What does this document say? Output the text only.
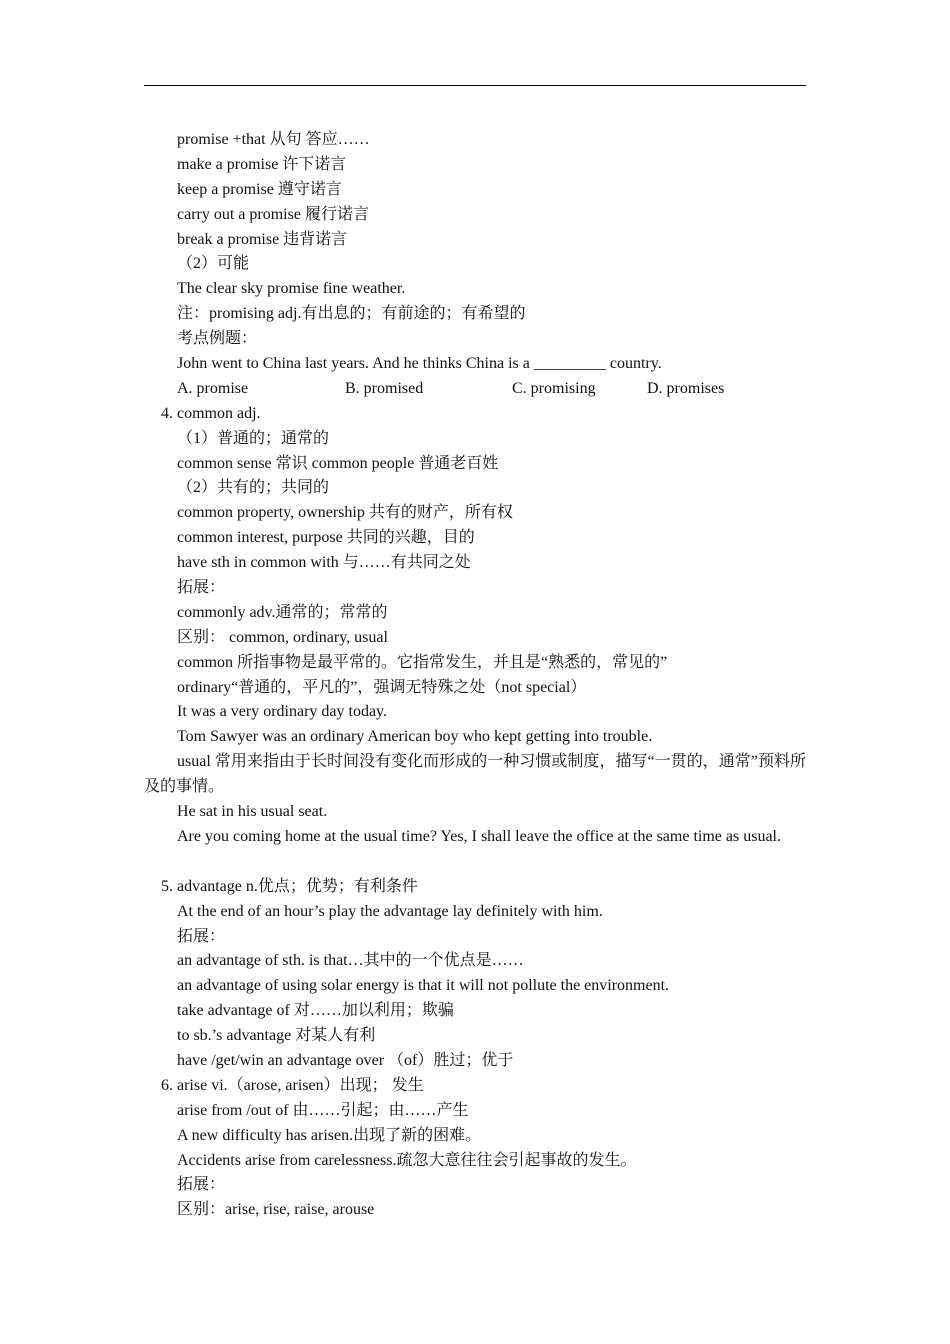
promise +that 从句 答应……
make a promise 许下诺言
keep a promise 遵守诺言
carry out a promise 履行诺言
break a promise 违背诺言
（2）可能
The clear sky promise fine weather.
注：promising adj.有出息的；有前途的；有希望的
考点例题：
John went to China last years. And he thinks China is a _________ country.
A. promise	B. promised	C. promising	D. promises
4. common adj.
（1）普通的；通常的
common sense 常识 common people 普通老百姓
（2）共有的；共同的
common property, ownership 共有的财产，所有权
common interest, purpose 共同的兴趣，目的
have sth in common with 与……有共同之处
拓展：
commonly adv.通常的；常常的
区别： common, ordinary, usual
common 所指事物是最平常的。它指常发生，并且是“熟悉的，常见的”
ordinary“普通的，平凡的”，强调无特殊之处（not special）
It was a very ordinary day today.
Tom Sawyer was an ordinary American boy who kept getting into trouble.
usual 常用来指由于长时间没有变化而形成的一种习惯或制度，描写“一贯的，通常”预料所及的事情。
He sat in his usual seat.
Are you coming home at the usual time? Yes, I shall leave the office at the same time as usual.
5. advantage n.优点；优势；有利条件
At the end of an hour’s play the advantage lay definitely with him.
拓展：
an advantage of sth. is that…其中的一个优点是……
an advantage of using solar energy is that it will not pollute the environment.
take advantage of 对……加以利用；欺骗
to sb.’s advantage 对某人有利
have /get/win an advantage over （of）胜过；优于
6. arise vi.（arose, arisen）出现； 发生
arise from /out of 由……引起；由……产生
A new difficulty has arisen.出现了新的困难。
Accidents arise from carelessness.疏忽大意往往会引起事故的发生。
拓展：
区别：arise, rise, raise, arouse
